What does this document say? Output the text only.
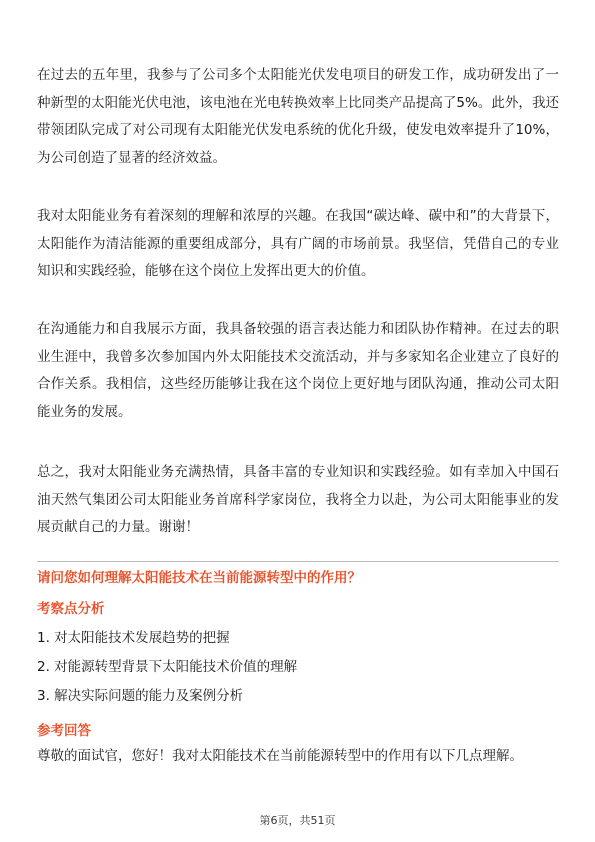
在过去的五年里，我参与了公司多个太阳能光伏发电项目的研发工作，成功研发出了一种新型的太阳能光伏电池，该电池在光电转换效率上比同类产品提高了5%。此外，我还带领团队完成了对公司现有太阳能光伏发电系统的优化升级，使发电效率提升了10%，为公司创造了显著的经济效益。

我对太阳能业务有着深刻的理解和浓厚的兴趣。在我国“碳达峰、碳中和”的大背景下，太阳能作为清洁能源的重要组成部分，具有广阔的市场前景。我坚信，凭借自己的专业知识和实践经验，能够在这个岗位上发挥出更大的价值。

在沟通能力和自我展示方面，我具备较强的语言表达能力和团队协作精神。在过去的职业生涯中，我曾多次参加国内外太阳能技术交流活动，并与多家知名企业建立了良好的合作关系。我相信，这些经历能够让我在这个岗位上更好地与团队沟通，推动公司太阳能业务的发展。

总之，我对太阳能业务充满热情，具备丰富的专业知识和实践经验。如有幸加入中国石油天然气集团公司太阳能业务首席科学家岗位，我将全力以赴，为公司太阳能事业的发展贡献自己的力量。谢谢！

请问您如何理解太阳能技术在当前能源转型中的作用？

考察点分析

1. 对太阳能技术发展趋势的把握
2. 对能源转型背景下太阳能技术价值的理解
3. 解决实际问题的能力及案例分析

参考回答

尊敬的面试官，您好！我对太阳能技术在当前能源转型中的作用有以下几点理解。

第6页，共51页
